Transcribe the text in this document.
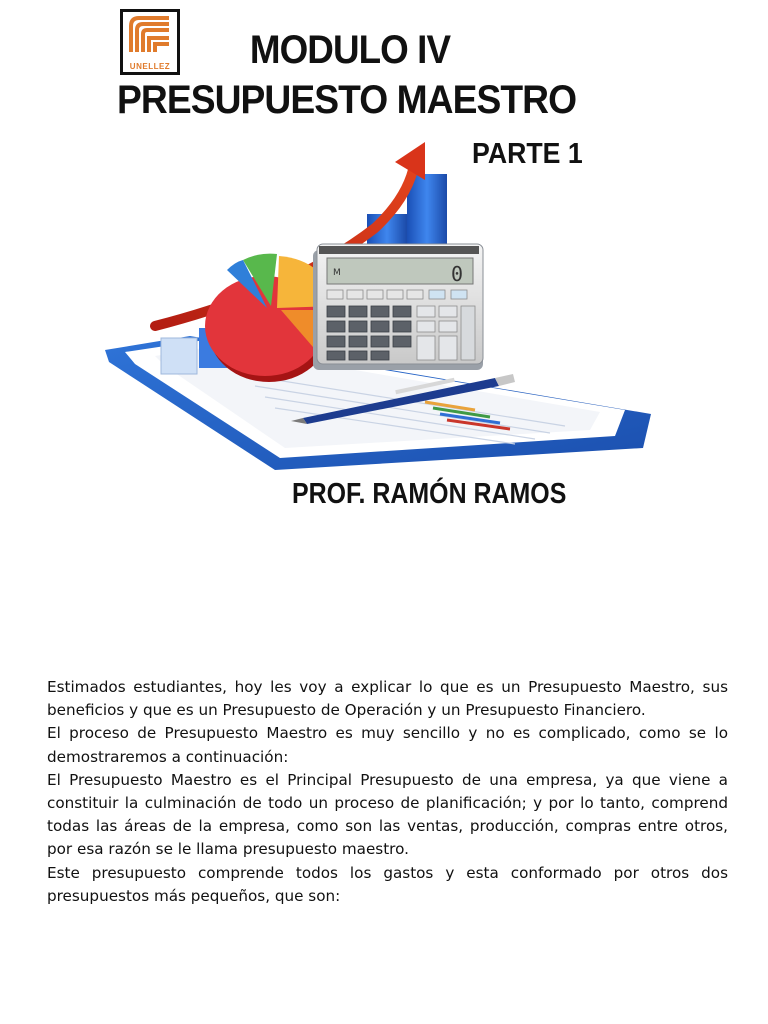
UNELLEZ	MODULO IV
PRESUPUESTO MAESTRO
PARTE 1
M	0
PROF. RAMÓN RAMOS

Estimados estudiantes, hoy les voy a explicar lo que es un Presupuesto Maestro, sus beneficios y que es un Presupuesto de Operación y un Presupuesto Financiero.

El proceso de Presupuesto Maestro es muy sencillo y no es complicado, como se lo demostraremos a continuación:

El Presupuesto Maestro es el Principal Presupuesto de una empresa, ya que viene a constituir la culminación de todo un proceso de planificación; y por lo tanto, comprend todas las áreas de la empresa, como son las ventas, producción, compras entre otros, por esa razón se le llama presupuesto maestro.

Este presupuesto comprende todos los gastos y esta conformado por otros dos presupuestos más pequeños, que son:
